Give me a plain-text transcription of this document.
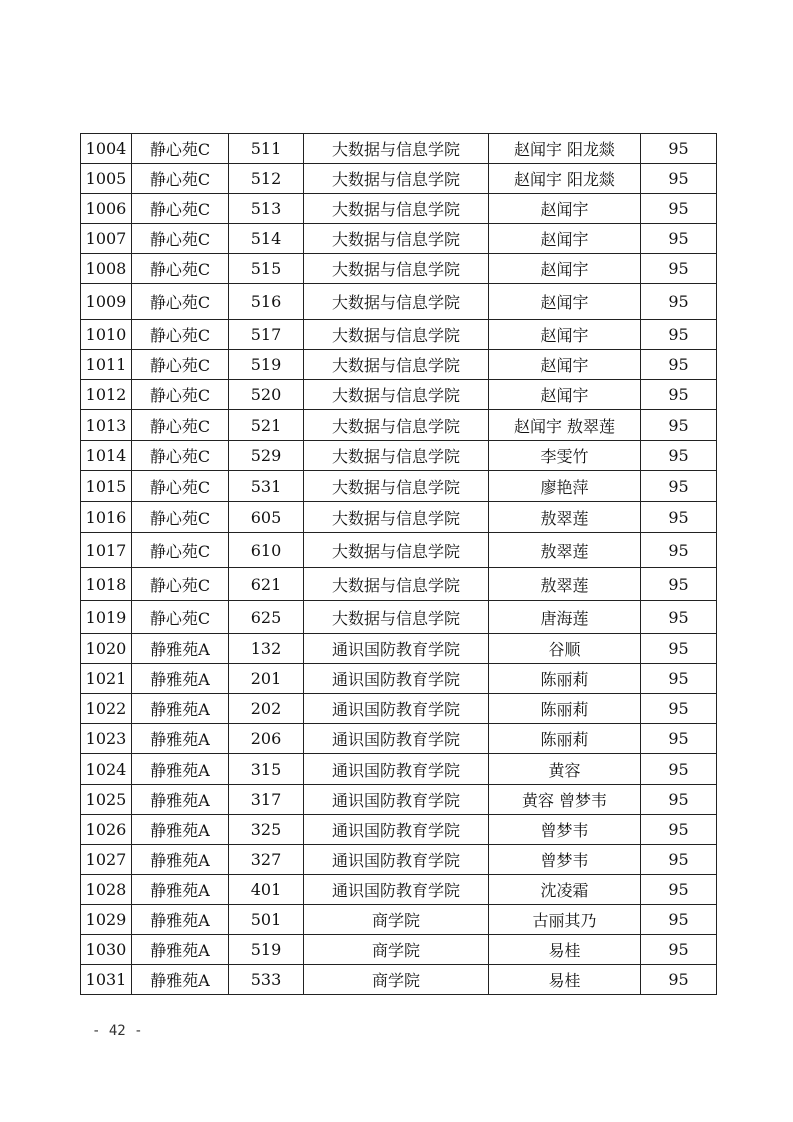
1004	静心苑C	511	大数据与信息学院	赵闻宇 阳龙燚	95
1005	静心苑C	512	大数据与信息学院	赵闻宇 阳龙燚	95
1006	静心苑C	513	大数据与信息学院	赵闻宇	95
1007	静心苑C	514	大数据与信息学院	赵闻宇	95
1008	静心苑C	515	大数据与信息学院	赵闻宇	95
1009	静心苑C	516	大数据与信息学院	赵闻宇	95
1010	静心苑C	517	大数据与信息学院	赵闻宇	95
1011	静心苑C	519	大数据与信息学院	赵闻宇	95
1012	静心苑C	520	大数据与信息学院	赵闻宇	95
1013	静心苑C	521	大数据与信息学院	赵闻宇 敖翠莲	95
1014	静心苑C	529	大数据与信息学院	李雯竹	95
1015	静心苑C	531	大数据与信息学院	廖艳萍	95
1016	静心苑C	605	大数据与信息学院	敖翠莲	95
1017	静心苑C	610	大数据与信息学院	敖翠莲	95
1018	静心苑C	621	大数据与信息学院	敖翠莲	95
1019	静心苑C	625	大数据与信息学院	唐海莲	95
1020	静雅苑A	132	通识国防教育学院	谷顺	95
1021	静雅苑A	201	通识国防教育学院	陈丽莉	95
1022	静雅苑A	202	通识国防教育学院	陈丽莉	95
1023	静雅苑A	206	通识国防教育学院	陈丽莉	95
1024	静雅苑A	315	通识国防教育学院	黄容	95
1025	静雅苑A	317	通识国防教育学院	黄容 曾梦韦	95
1026	静雅苑A	325	通识国防教育学院	曾梦韦	95
1027	静雅苑A	327	通识国防教育学院	曾梦韦	95
1028	静雅苑A	401	通识国防教育学院	沈凌霜	95
1029	静雅苑A	501	商学院	古丽其乃	95
1030	静雅苑A	519	商学院	易桂	95
1031	静雅苑A	533	商学院	易桂	95
- 42 -
